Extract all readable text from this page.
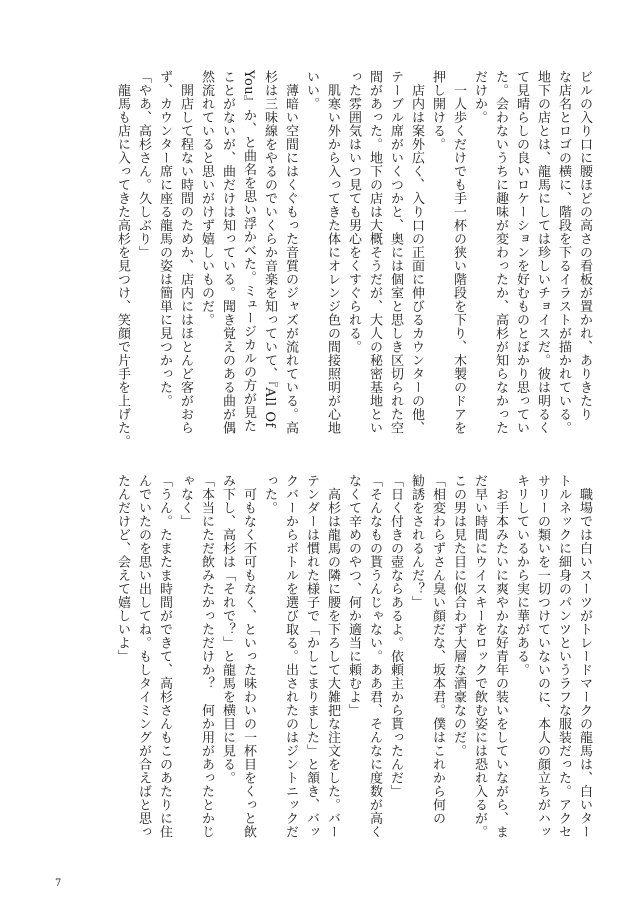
ビルの入り口に腰ほどの高さの看板が置かれ、ありきたり
な店名とロゴの横に、階段を下るイラストが描かれている。
地下の店とは、龍馬にしては珍しいチョイスだ。彼は明るく
て見晴らしの良いロケーションを好むものとばかり思ってい
た。会わないうちに趣味が変わったか、高杉が知らなかった
だけか。
　一人歩くだけでも手一杯の狭い階段を下り、木製のドアを
押し開ける。
　店内は案外広く、入り口の正面に伸びるカウンターの他、
テーブル席がいくつかと、奥には個室と思しき区切られた空
間があった。地下の店は大概そうだが、大人の秘密基地とい
った雰囲気はいつ見ても男心をくすぐられる。
　肌寒い外から入ってきた体にオレンジ色の間接照明が心地
いい。
　薄暗い空間にはくぐもった音質のジャズが流れている。高
杉は三味線をやるのでいくらか音楽を知っていて、『All Of
You』か、と曲名を思い浮かべた。ミュージカルの方が見た
ことがないが、曲だけは知っている。聞き覚えのある曲が偶
然流れていると思いがけず嬉しいものだ。
　開店して程ない時間のためか、店内にはほとんど客がおら
ず、カウンター席に座る龍馬の姿は簡単に見つかった。
「やあ、高杉さん。久しぶり」
　龍馬も店に入ってきた高杉を見つけ、笑顔で片手を上げた。
　職場では白いスーツがトレードマークの龍馬は、白いター
トルネックに細身のパンツというラフな服装だった。アクセ
サリーの類いを一切つけていないのに、本人の顔立ちがハッ
キリしているから実に華がある。
　お手本みたいに爽やかな好青年の装いをしていながら、ま
だ早い時間にウイスキーをロックで飲む姿には恐れ入るが。
この男は見た目に似合わず大層な酒豪なのだ。
「相変わらずさん臭い顔だな、坂本君。僕はこれから何の
勧誘をされるんだ？」
「日く付きの壺ならあるよ。依頼主から貰ったんだ」
「そんなもの貰うんじゃない。ああ君、そんなに度数が高く
なくて辛めのやつ、何か適当に頼むよ」
　高杉は龍馬の隣に腰を下ろして大雑把な注文をした。バー
テンダーは慣れた様子で「かしこまりました」と頷き、バッ
クバーからボトルを選び取る。出されたのはジントニックだ
った。
　可もなく不可もなく、といった味わいの一杯目をくっと飲
み下し、高杉は「それで？」と龍馬を横目に見る。
「本当にただ飲みたかっただけか？　何か用があったとかじ
ゃなく」
「うん。たまたま時間ができて、高杉さんもこのあたりに住
んでいたのを思い出してね。もしタイミングが合えばと思っ
たんだけど、会えて嬉しいよ」
7
